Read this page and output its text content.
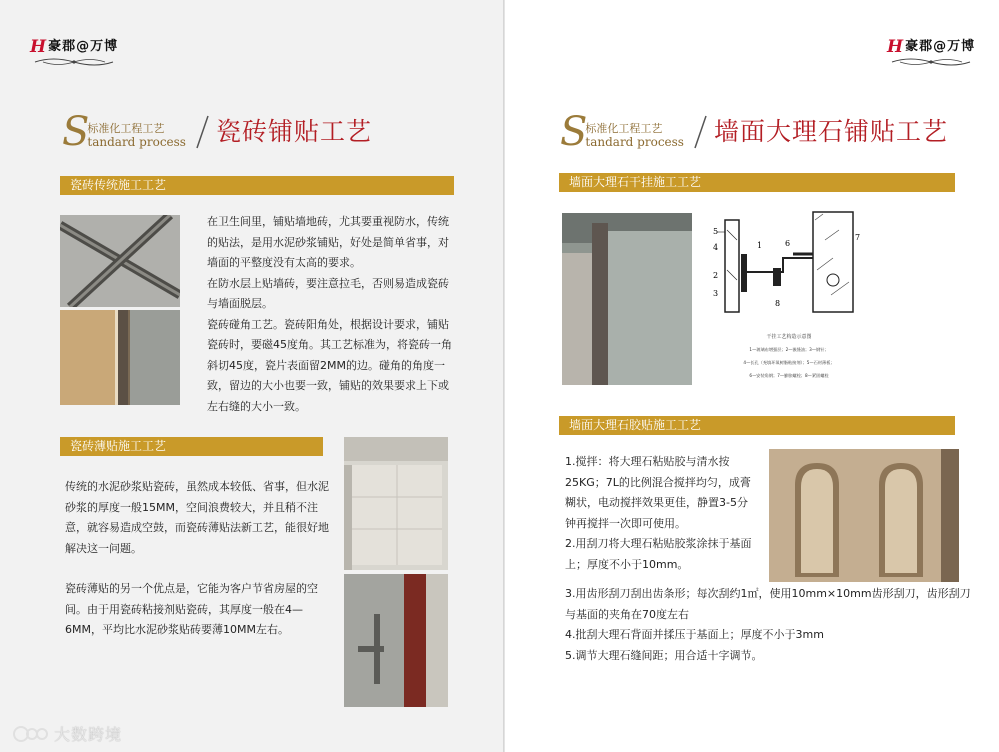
H 豪郡@万博
S
标准化工程工艺
tandard process 瓷砖铺贴工艺
瓷砖传统施工工艺

在卫生间里，铺贴墙地砖，尤其要重视防水，传统的贴法，是用水泥砂浆铺贴，好处是简单省事，对墙面的平整度没有太高的要求。

在防水层上贴墙砖，要注意拉毛，否则易造成瓷砖与墙面脱层。

瓷砖碰角工艺。瓷砖阳角处，根据设计要求，铺贴瓷砖时，要磁45度角。其工艺标准为，将瓷砖一角斜切45度，瓷片表面留2MM的边。碰角的角度一致，留边的大小也要一致，铺贴的效果要求上下或左右缝的大小一致。

瓷砖薄贴施工工艺

传统的水泥砂浆贴瓷砖，虽然成本较低、省事，但水泥砂浆的厚度一般15MM，空间浪费较大，并且稍不注意，就容易造成空鼓，而瓷砖薄贴法新工艺，能很好地解决这一问题。

瓷砖薄贴的另一个优点是，它能为客户节省房屋的空间。由于用瓷砖粘接剂贴瓷砖，其厚度一般在4—6MM，平均比水泥砂浆贴砖要薄10MM左右。

大数跨境
H 豪郡@万博
S
标准化工程工艺
tandard process 墙面大理石铺贴工艺
墙面大理石干挂施工工艺
5
4	1	6
7
2
3
8
干挂工艺构造示意图
1—玻璃布增强层；2—嵌缝油；3—钢针；
4—长孔（充填环氧树脂粘接剂）；5—石材薄板；
6—安装角钢；7—膨胀螺栓；8—紧固螺栓
墙面大理石胶贴施工工艺

1.搅拌：将大理石粘贴胶与清水按25KG；7L的比例混合搅拌均匀，成膏糊状，电动搅拌效果更佳，静置3-5分钟再搅拌一次即可使用。

2.用刮刀将大理石粘贴胶浆涂抹于基面上；厚度不小于10mm。

3.用齿形刮刀刮出齿条形；每次刮约1㎡，使用10mm×10mm齿形刮刀，齿形刮刀与基面的夹角在70度左右

4.批刮大理石背面并揉压于基面上；厚度不小于3mm

5.调节大理石缝间距；用合适十字调节。
